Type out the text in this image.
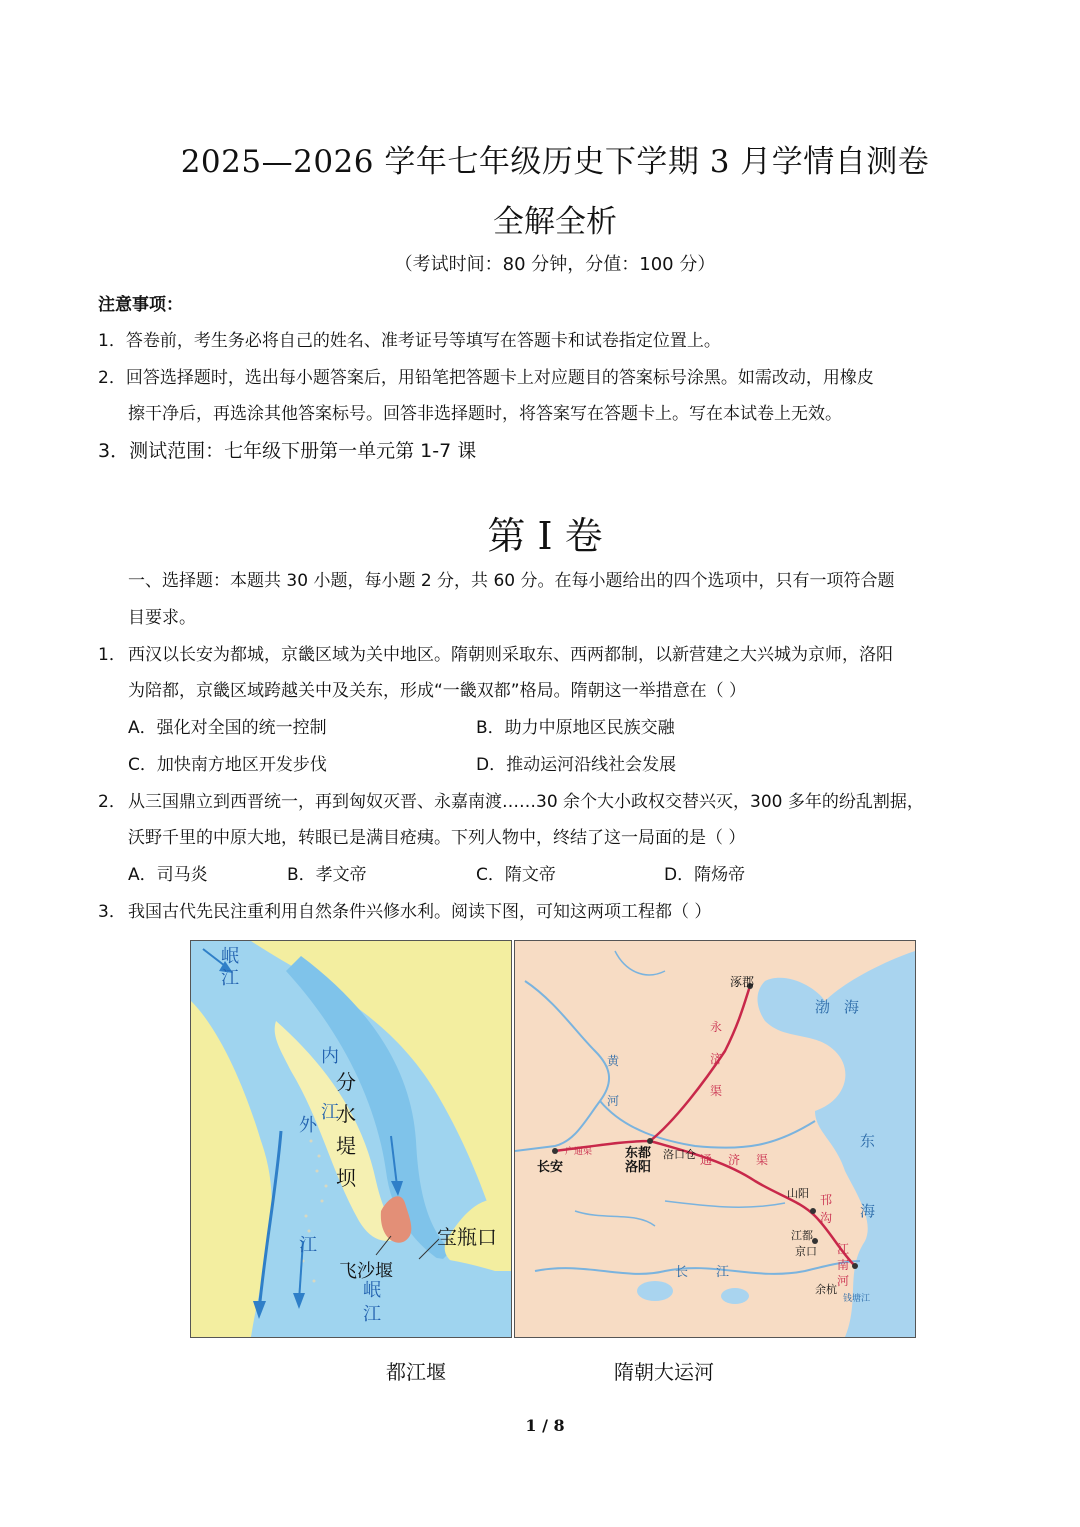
2025—2026 学年七年级历史下学期 3 月学情自测卷
全解全析
（考试时间：80 分钟，分值：100 分）
注意事项：
1．答卷前，考生务必将自己的姓名、准考证号等填写在答题卡和试卷指定位置上。
2．回答选择题时，选出每小题答案后，用铅笔把答题卡上对应题目的答案标号涂黑。如需改动，用橡皮
擦干净后，再选涂其他答案标号。回答非选择题时，将答案写在答题卡上。写在本试卷上无效。
3．测试范围：七年级下册第一单元第 1-7 课
第 I 卷
一、选择题：本题共 30 小题，每小题 2 分，共 60 分。在每小题给出的四个选项中，只有一项符合题
目要求。
1． 西汉以长安为都城，京畿区域为关中地区。隋朝则采取东、西两都制，以新营建之大兴城为京师，洛阳
为陪都，京畿区域跨越关中及关东，形成“一畿双都”格局。隋朝这一举措意在（ ）
A．强化对全国的统一控制	B．助力中原地区民族交融
C．加快南方地区开发步伐	D．推动运河沿线社会发展
2． 从三国鼎立到西晋统一，再到匈奴灭晋、永嘉南渡……30 余个大小政权交替兴灭，300 多年的纷乱割据，
沃野千里的中原大地，转眼已是满目疮痍。下列人物中，终结了这一局面的是（ ）
A．司马炎	B．孝文帝	C．隋文帝	D．隋炀帝
3． 我国古代先民注重利用自然条件兴修水利。阅读下图，可知这两项工程都（ ）
岷江
内江
外江
分水堤坝
宝瓶口
飞沙堰
岷江
涿郡
渤海
东海
黄河
长安
东都洛阳
洛口仓
山阳
江都
京口
余杭
长江
永济渠
通济渠
邗沟
江南河
广通渠
钱塘江
都江堰	隋朝大运河
1 / 8
